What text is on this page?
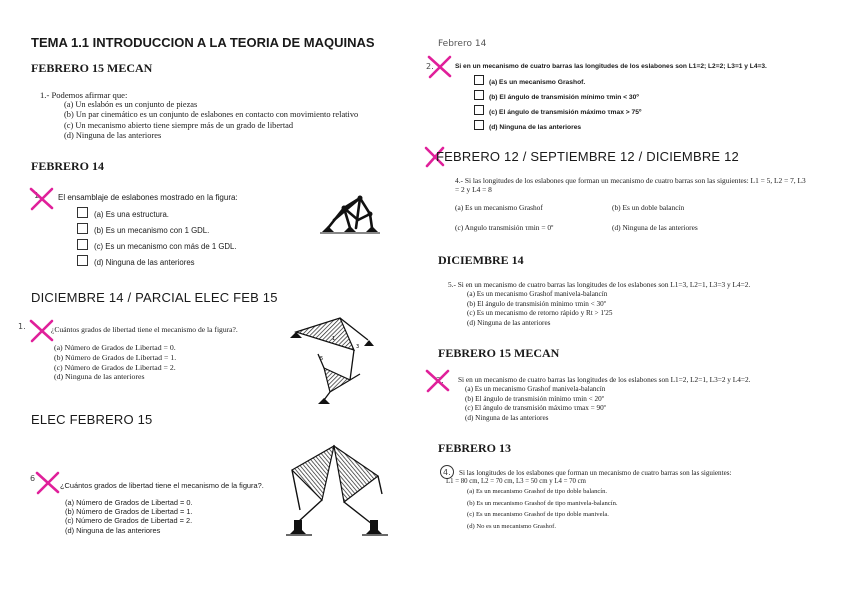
TEMA 1.1 INTRODUCCION A LA TEORIA DE MAQUINAS
FEBRERO 15 MECAN
1.- Podemos afirmar que:
(a) Un eslabón es un conjunto de piezas
(b) Un par cinemático es un conjunto de eslabones en contacto con movimiento relativo
(c) Un mecanismo abierto tiene siempre más de un grado de libertad
(d) Ninguna de las anteriores
FEBRERO 14
1. El ensamblaje de eslabones mostrado en la figura:
(a) Es una estructura.
(b) Es un mecanismo con 1 GDL.
(c) Es un mecanismo con más de 1 GDL.
(d) Ninguna de las anteriores
DICIEMBRE 14 / PARCIAL ELEC FEB 15
1.	¿Cuántos grados de libertad tiene el mecanismo de la figura?.
(a) Número de Grados de Libertad = 0.
(b) Número de Grados de Libertad = 1.
(c) Número de Grados de Libertad = 2.
(d) Ninguna de las anteriores
1
3
5
ELEC FEBRERO 15
6
¿Cuántos grados de libertad tiene el mecanismo de la figura?.
(a) Número de Grados de Libertad = 0.
(b) Número de Grados de Libertad = 1.
(c) Número de Grados de Libertad = 2.
(d) Ninguna de las anteriores
Febrero 14
2.	Si en un mecanismo de cuatro barras las longitudes de los eslabones son L1=2; L2=2; L3=1 y L4=3.
(a) Es un mecanismo Grashof.
(b) El ángulo de transmisión mínimo τmin < 30º
(c) El ángulo de transmisión máximo τmax > 75º
(d) Ninguna de las anteriores
FEBRERO 12 / SEPTIEMBRE 12 / DICIEMBRE 12
4.- Si las longitudes de los eslabones que forman un mecanismo de cuatro barras son las siguientes: L1 = 5, L2 = 7, L3 = 2 y L4 = 8
(a) Es un mecanismo Grashof	(b) Es un doble balancín
(c) Angulo transmisión τmin = 0º	(d) Ninguna de las anteriores
DICIEMBRE 14
5.- Si en un mecanismo de cuatro barras las longitudes de los eslabones son L1=3, L2=1, L3=3 y L4=2.
(a) Es un mecanismo Grashof manivela-balancín
(b) El ángulo de transmisión mínimo τmin < 30º
(c) Es un mecanismo de retorno rápido y Rt > 1'25
(d) Ninguna de las anteriores
FEBRERO 15 MECAN
2. Si en un mecanismo de cuatro barras las longitudes de los eslabones son L1=2, L2=1, L3=2 y L4=2.
(a) Es un mecanismo Grashof manivela-balancín
(b) El ángulo de transmisión mínimo τmin < 20º
(c) El ángulo de transmisión máximo τmax = 90º
(d) Ninguna de las anteriores
FEBRERO 13
4. Si las longitudes de los eslabones que forman un mecanismo de cuatro barras son las siguientes:
L1 = 80 cm, L2 = 70 cm, L3 = 50 cm y L4 = 70 cm
(a) Es un mecanismo Grashof de tipo doble balancín.
(b) Es un mecanismo Grashof de tipo manivela-balancín.
(c) Es un mecanismo Grashof de tipo doble manivela.
(d) No es un mecanismo Grashof.
